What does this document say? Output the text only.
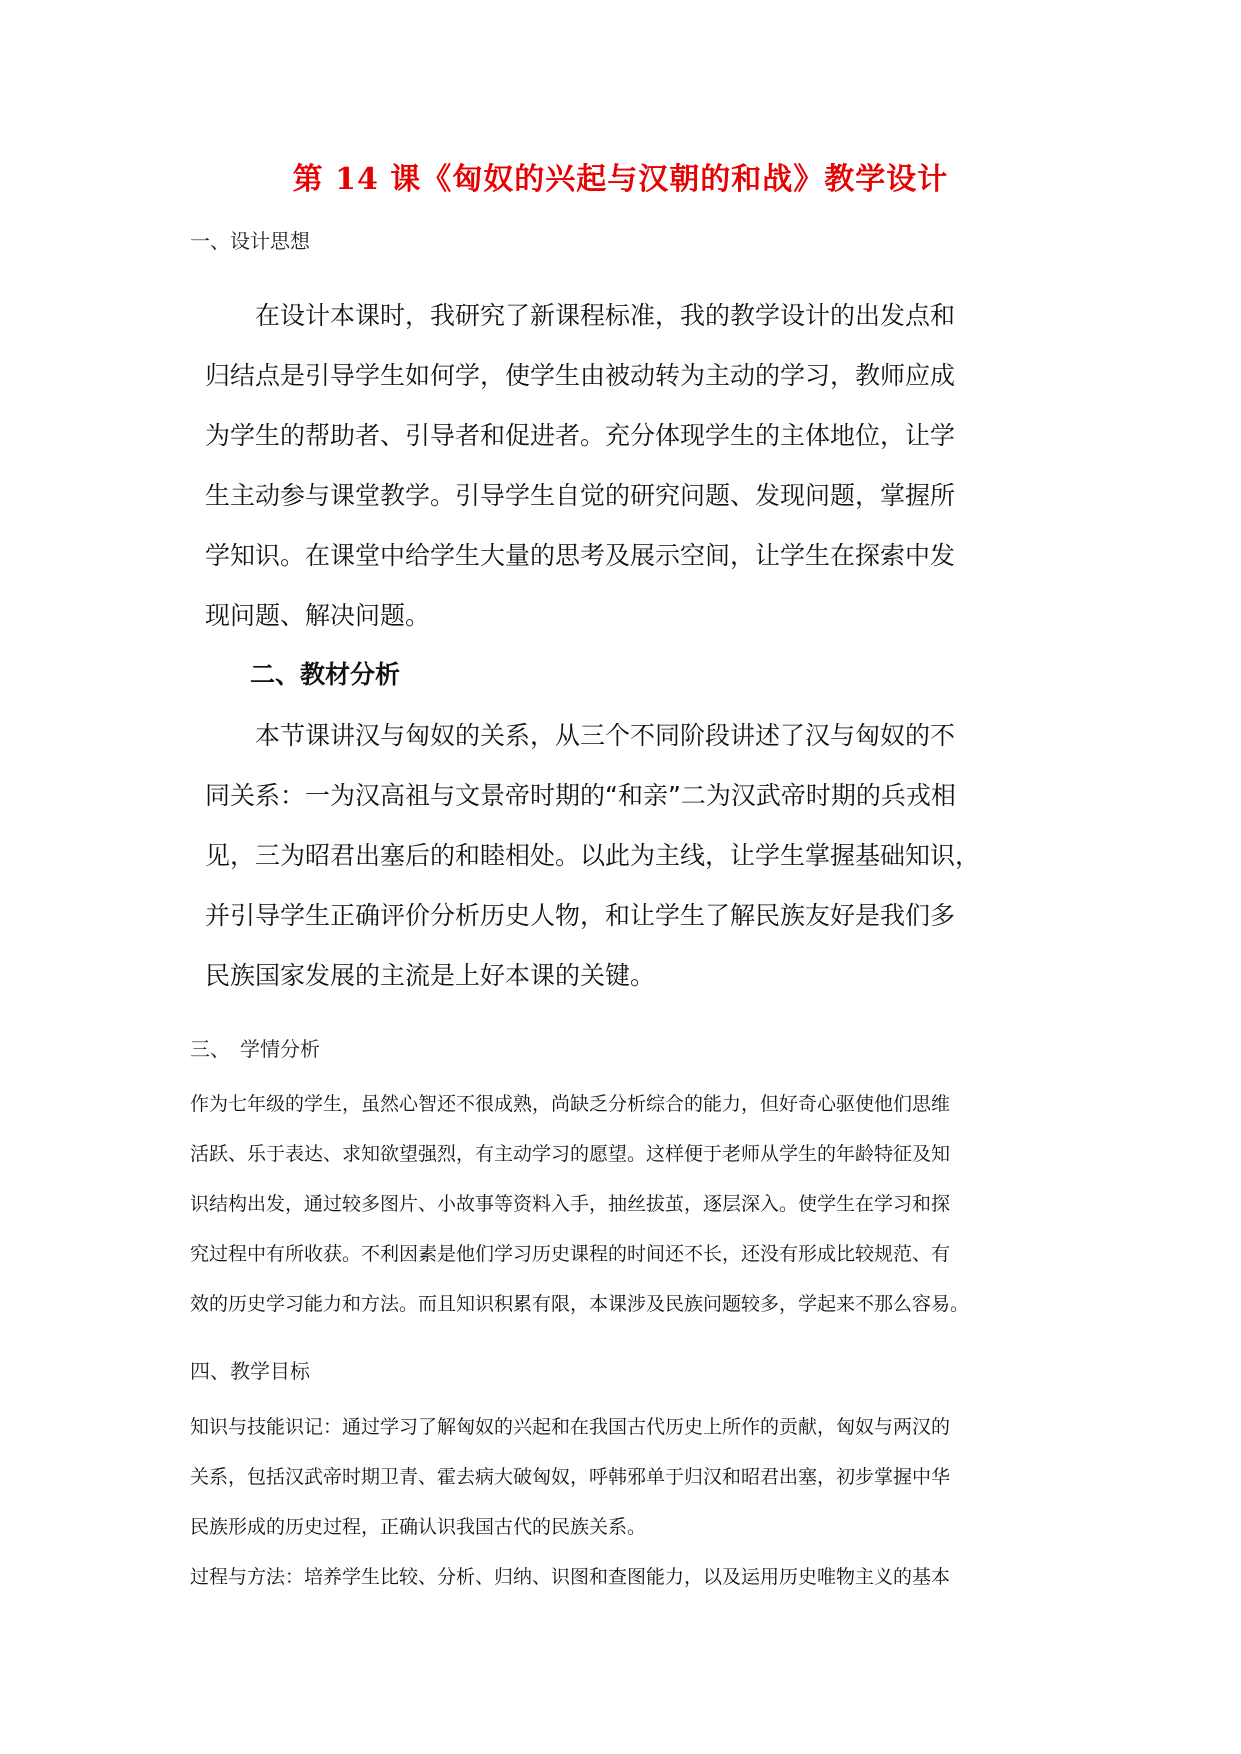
第 14 课《匈奴的兴起与汉朝的和战》教学设计
一、设计思想

在设计本课时，我研究了新课程标准，我的教学设计的出发点和

归结点是引导学生如何学，使学生由被动转为主动的学习，教师应成

为学生的帮助者、引导者和促进者。充分体现学生的主体地位，让学

生主动参与课堂教学。引导学生自觉的研究问题、发现问题，掌握所

学知识。在课堂中给学生大量的思考及展示空间，让学生在探索中发

现问题、解决问题。

二、教材分析

本节课讲汉与匈奴的关系，从三个不同阶段讲述了汉与匈奴的不

同关系：一为汉高祖与文景帝时期的“和亲”二为汉武帝时期的兵戎相

见，三为昭君出塞后的和睦相处。以此为主线，让学生掌握基础知识，

并引导学生正确评价分析历史人物，和让学生了解民族友好是我们多

民族国家发展的主流是上好本课的关键。

三、　学情分析

作为七年级的学生，虽然心智还不很成熟，尚缺乏分析综合的能力，但好奇心驱使他们思维

活跃、乐于表达、求知欲望强烈，有主动学习的愿望。这样便于老师从学生的年龄特征及知

识结构出发，通过较多图片、小故事等资料入手，抽丝拔茧，逐层深入。使学生在学习和探

究过程中有所收获。不利因素是他们学习历史课程的时间还不长，还没有形成比较规范、有

效的历史学习能力和方法。而且知识积累有限，本课涉及民族问题较多，学起来不那么容易。

四、教学目标

知识与技能识记：通过学习了解匈奴的兴起和在我国古代历史上所作的贡献，匈奴与两汉的

关系，包括汉武帝时期卫青、霍去病大破匈奴，呼韩邪单于归汉和昭君出塞，初步掌握中华

民族形成的历史过程，正确认识我国古代的民族关系。

过程与方法：培养学生比较、分析、归纳、识图和查图能力，以及运用历史唯物主义的基本
